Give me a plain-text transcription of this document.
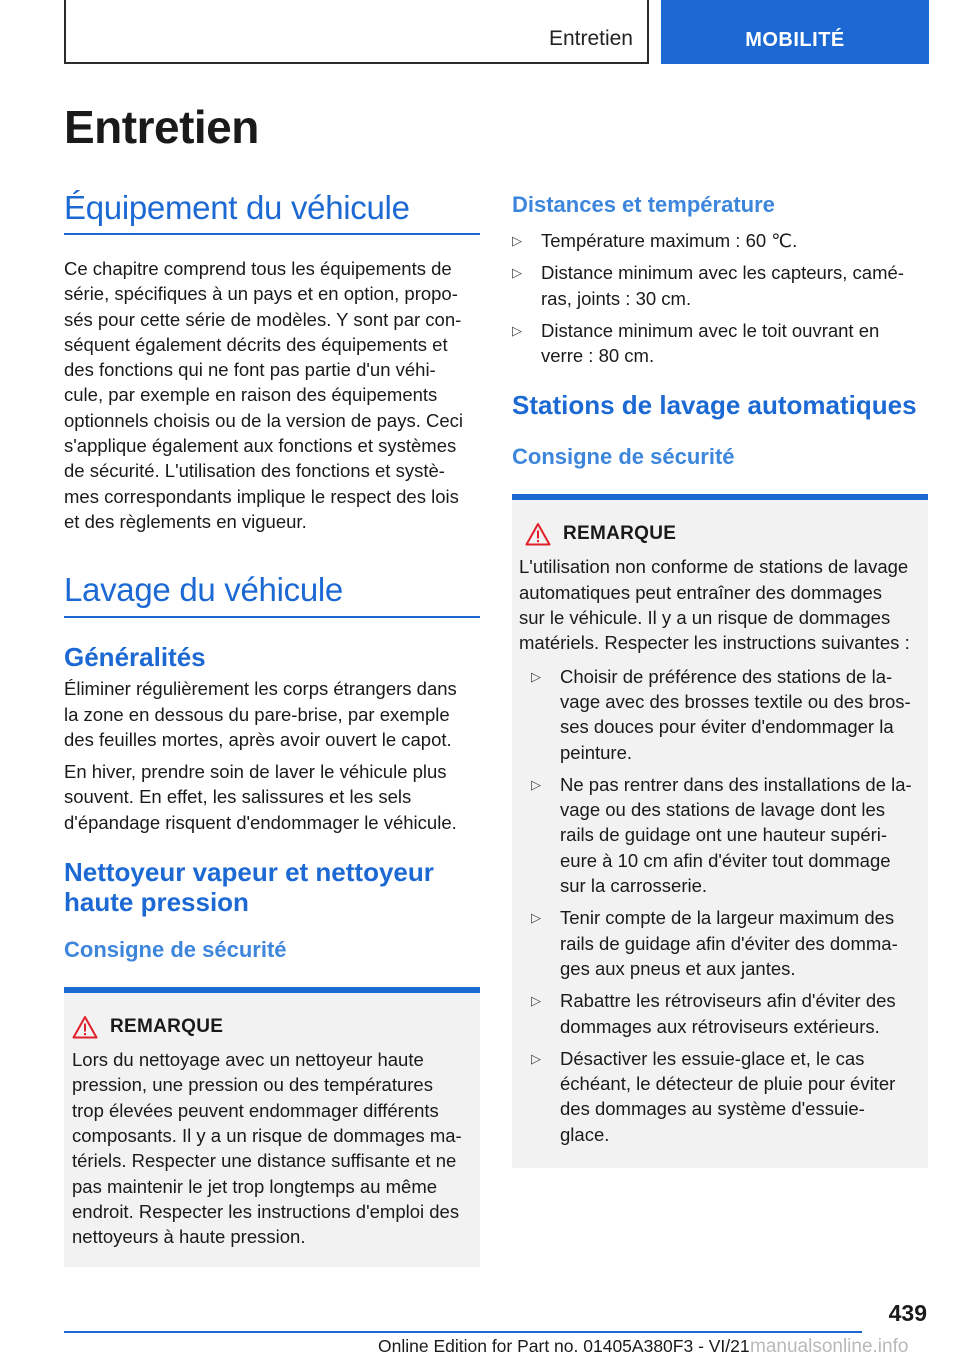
Entretien	MOBILITÉ
Entretien
Équipement du véhicule

Ce chapitre comprend tous les équipements de
série, spécifiques à un pays et en option, propo-
sés pour cette série de modèles. Y sont par con-
séquent également décrits des équipements et
des fonctions qui ne font pas partie d'un véhi-
cule, par exemple en raison des équipements
optionnels choisis ou de la version de pays. Ceci
s'applique également aux fonctions et systèmes
de sécurité. L'utilisation des fonctions et systè-
mes correspondants implique le respect des lois
et des règlements en vigueur.

Lavage du véhicule
Généralités

Éliminer régulièrement les corps étrangers dans
la zone en dessous du pare-brise, par exemple
des feuilles mortes, après avoir ouvert le capot.

En hiver, prendre soin de laver le véhicule plus
souvent. En effet, les salissures et les sels
d'épandage risquent d'endommager le véhicule.

Nettoyeur vapeur et nettoyeur
haute pression
Consigne de sécurité
REMARQUE

Lors du nettoyage avec un nettoyeur haute
pression, une pression ou des températures
trop élevées peuvent endommager différents
composants. Il y a un risque de dommages ma-
tériels. Respecter une distance suffisante et ne
pas maintenir le jet trop longtemps au même
endroit. Respecter les instructions d'emploi des
nettoyeurs à haute pression.

Distances et température
▷ Température maximum : 60 ℃.
▷ Distance minimum avec les capteurs, camé-
ras, joints : 30 cm.
▷ Distance minimum avec le toit ouvrant en
verre : 80 cm.
Stations de lavage automatiques
Consigne de sécurité
REMARQUE

L'utilisation non conforme de stations de lavage
automatiques peut entraîner des dommages
sur le véhicule. Il y a un risque de dommages
matériels. Respecter les instructions suivantes :

▷ Choisir de préférence des stations de la-
vage avec des brosses textile ou des bros-
ses douces pour éviter d'endommager la
peinture.
▷ Ne pas rentrer dans des installations de la-
vage ou des stations de lavage dont les
rails de guidage ont une hauteur supéri-
eure à 10 cm afin d'éviter tout dommage
sur la carrosserie.
▷ Tenir compte de la largeur maximum des
rails de guidage afin d'éviter des domma-
ges aux pneus et aux jantes.
▷ Rabattre les rétroviseurs afin d'éviter des
dommages aux rétroviseurs extérieurs.
▷ Désactiver les essuie-glace et, le cas
échéant, le détecteur de pluie pour éviter
des dommages au système d'essuie-
glace.
439
Online Edition for Part no. 01405A380F3 - VI/21 manualsonline.info
